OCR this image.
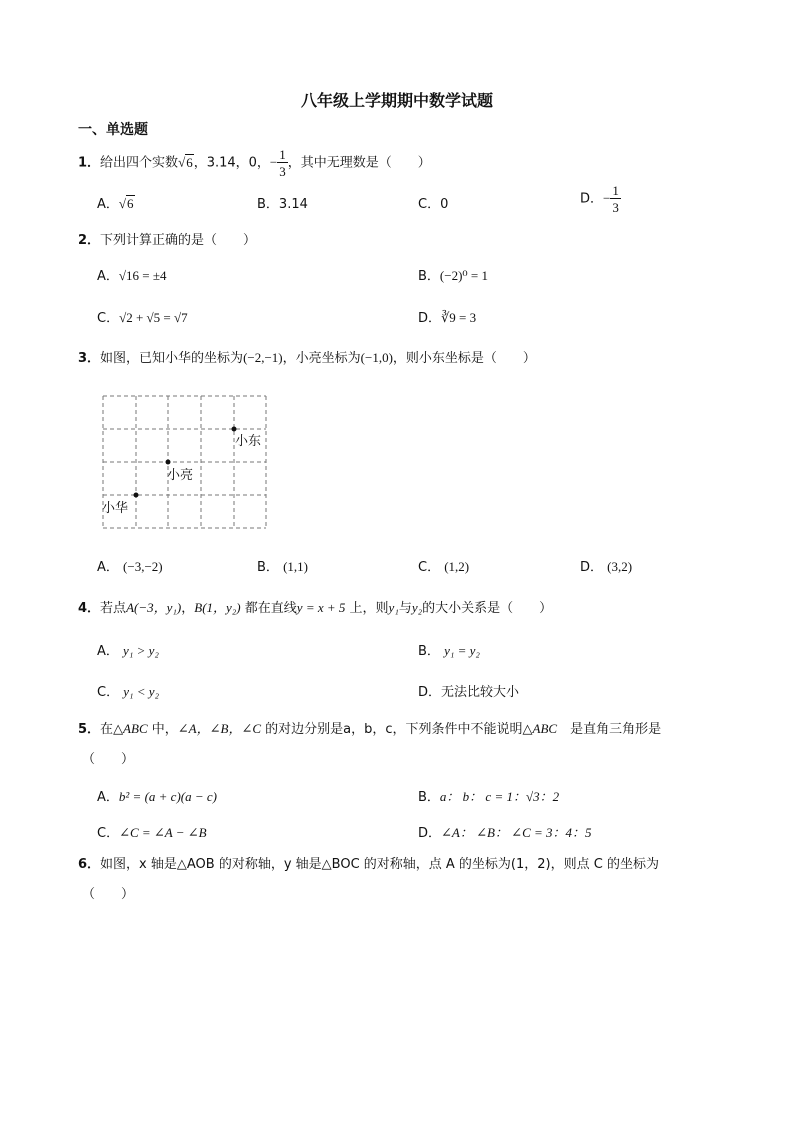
八年级上学期期中数学试题
一、单选题
1．给出四个实数√6，3.14，0，− $\frac{1}{3}$ ，其中无理数是（　　）
A．√6	B．3.14	C．0	D．− $\frac{1}{3}$
2．下列计算正确的是（　　）
A．√16 = ±4	B．(−2)⁰ = 1
C．√2 + √5 = √7	D．∛9 = 3
3．如图，已知小华的坐标为(−2,−1)，小亮坐标为(−1,0)，则小东坐标是（　　）
小东
小亮
小华
A． (−3,−2)	B． (1,1)	C． (1,2)	D． (3,2)
4．若点A(−3，y₁)，B(1，y₂) 都在直线y = x + 5 上，则y₁与y₂的大小关系是（　　）
A． y₁ > y₂	B． y₁ = y₂
C． y₁ < y₂	D．无法比较大小
5．在△ABC 中，∠A，∠B，∠C 的对边分别是a，b，c，下列条件中不能说明△ABC　 是直角三角形是
（　　）
A．b² = (a + c)(a − c)	B．a： b： c = 1：√3：2
C．∠C = ∠A − ∠B	D．∠A： ∠B： ∠C = 3：4：5
6．如图，x 轴是△AOB 的对称轴，y 轴是△BOC 的对称轴，点 A 的坐标为(1，2)，则点 C 的坐标为
（　　）
